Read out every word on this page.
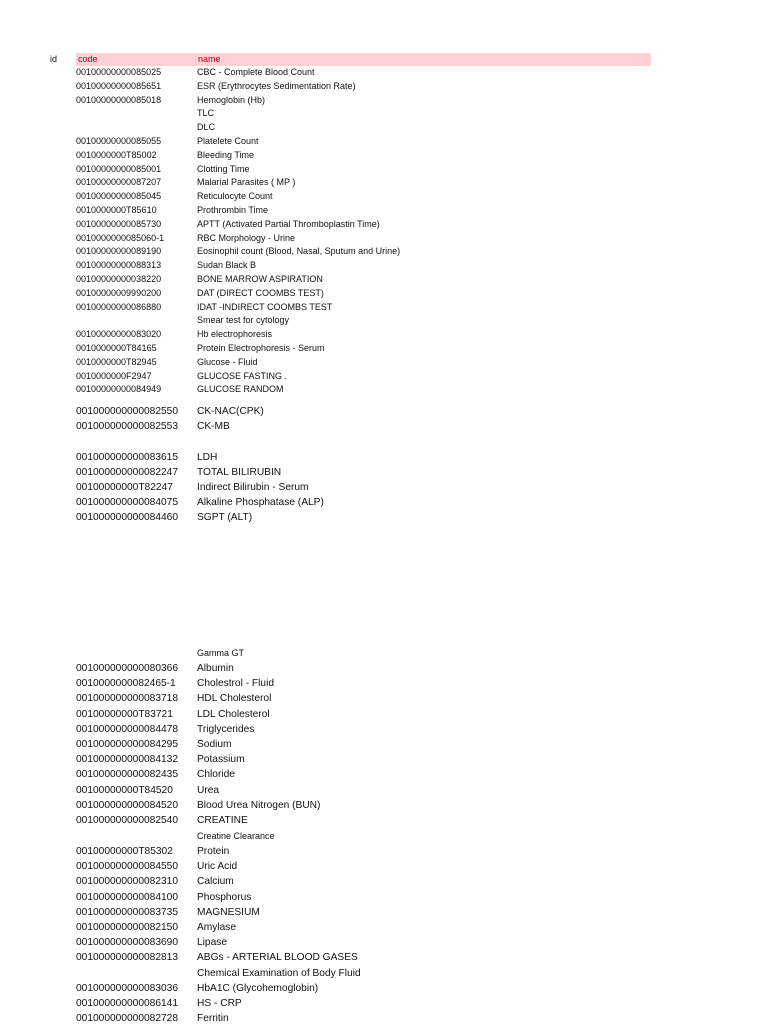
id code	name
00100000000085025	CBC - Complete Blood Count
00100000000085651	ESR (Erythrocytes Sedimentation Rate)
00100000000085018	Hemoglobin (Hb)
TLC
DLC
00100000000085055	Platelete Count
0010000000T85002	Bleeding Time
00100000000085001	Clotting Time
00100000000087207	Malarial Parasites ( MP )
00100000000085045	Reticulocyte Count
0010000000T85610	Prothrombin Time
00100000000085730	APTT (Activated Partial Thromboplastin Time)
0010000000085060-1	RBC Morphology - Urine
00100000000089190	Eosinophil count (Blood, Nasal, Sputum and Urine)
00100000000088313	Sudan Black B
00100000000038220	BONE MARROW ASPIRATION
00100000009990200	DAT (DIRECT COOMBS TEST)
00100000000086880	IDAT -INDIRECT COOMBS TEST
Smear test for cytology
00100000000083020	Hb electrophoresis
0010000000T84165	Protein Electrophoresis - Serum
0010000000T82945	Glucose - Fluid
0010000000F2947	GLUCOSE FASTING .
00100000000084949	GLUCOSE RANDOM
001000000000082550 CK-NAC(CPK)
001000000000082553 CK-MB
001000000000083615 LDH
001000000000082247 TOTAL BILIRUBIN
00100000000T82247 Indirect Bilirubin - Serum
001000000000084075 Alkaline Phosphatase (ALP)
001000000000084460 SGPT (ALT)
Gamma GT
001000000000080366 Albumin
0010000000082465-1 Cholestrol - Fluid
001000000000083718 HDL Cholesterol
00100000000T83721 LDL Cholesterol
001000000000084478 Triglycerides
001000000000084295 Sodium
001000000000084132 Potassium
001000000000082435 Chloride
00100000000T84520 Urea
001000000000084520 Blood Urea Nitrogen (BUN)
001000000000082540 CREATINE
Creatine Clearance
00100000000T85302 Protein
001000000000084550 Uric Acid
001000000000082310 Calcium
001000000000084100 Phosphorus
001000000000083735 MAGNESIUM
001000000000082150 Amylase
001000000000083690 Lipase
001000000000082813 ABGs - ARTERIAL BLOOD GASES
Chemical Examination of Body Fluid
001000000000083036 HbA1C (Glycohemoglobin)
001000000000086141 HS - CRP
001000000000082728 Ferritin
